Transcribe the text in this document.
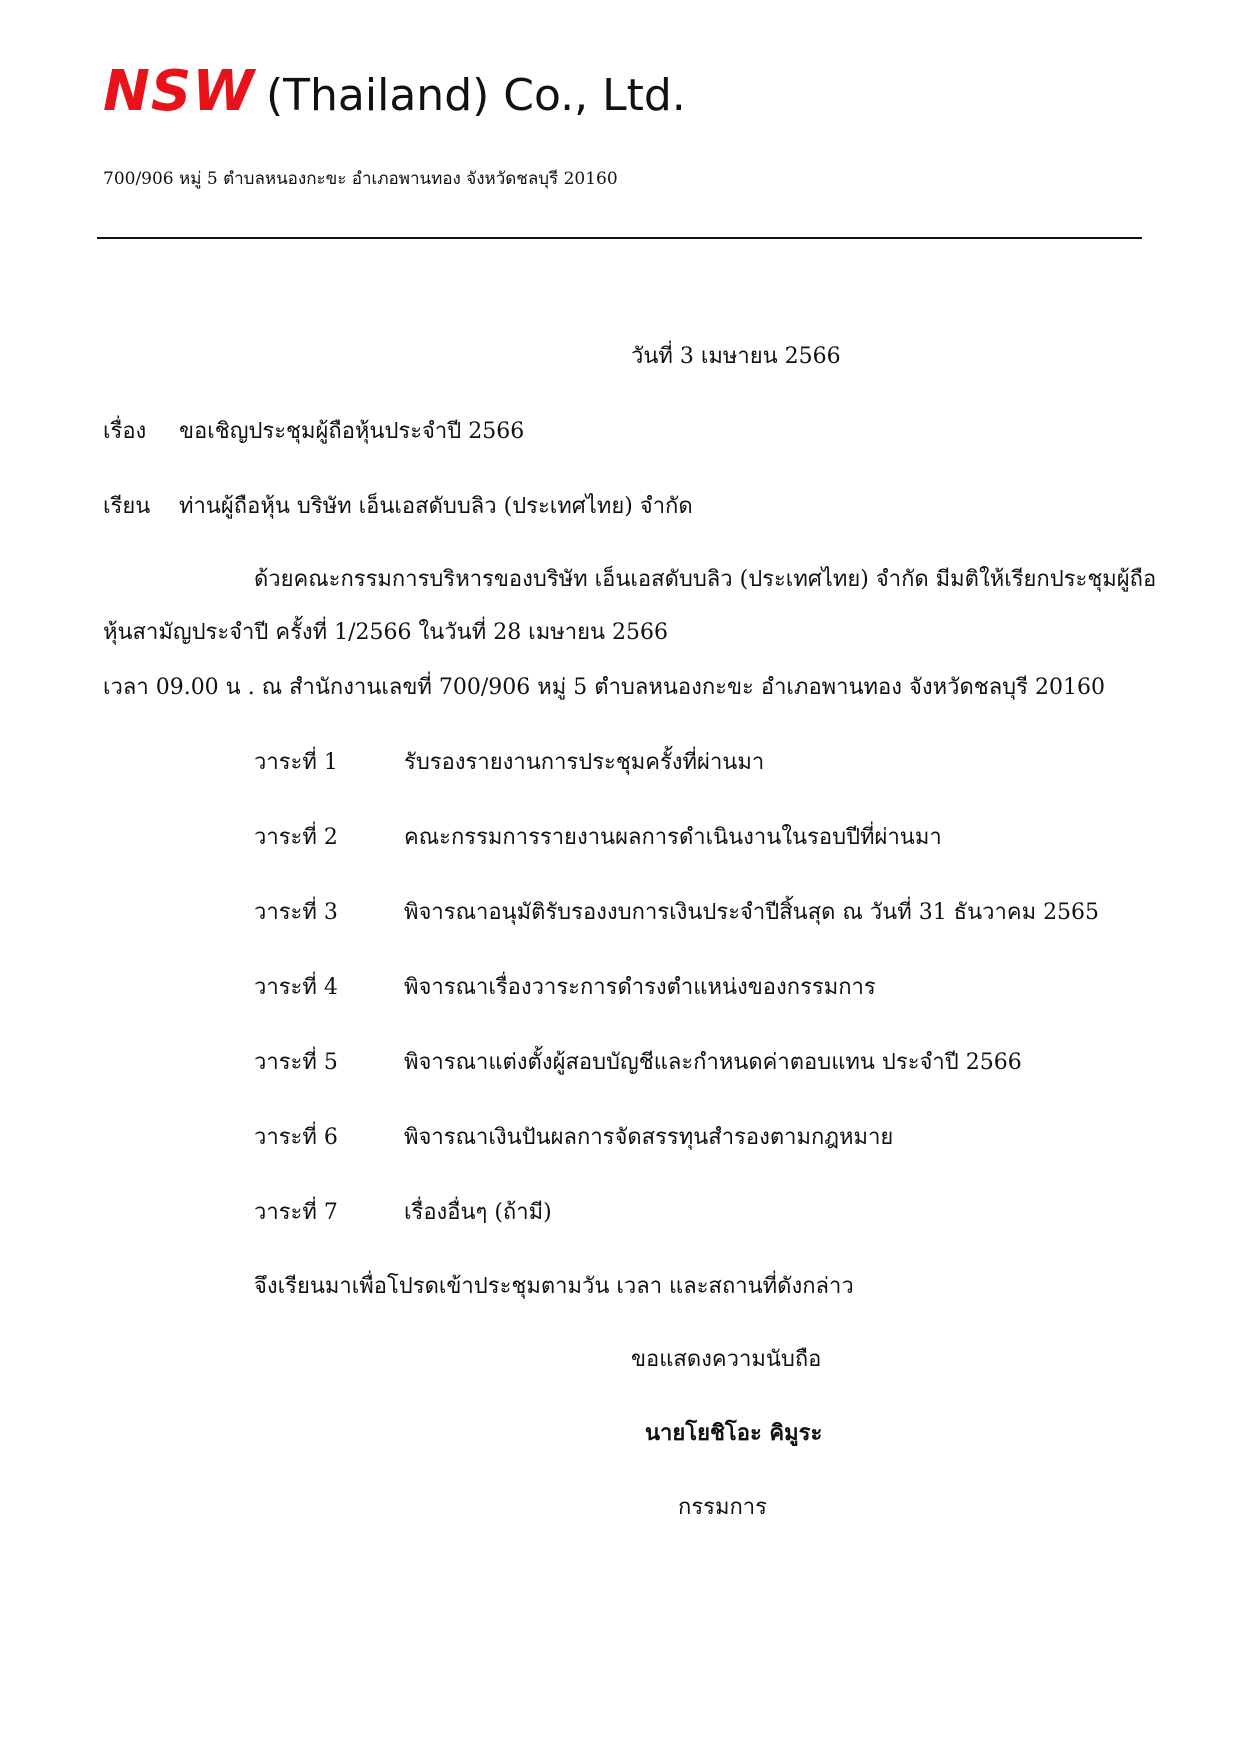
NSW (Thailand) Co., Ltd.
700/906 หมู่ 5 ตำบลหนองกะขะ อำเภอพานทอง จังหวัดชลบุรี 20160
วันที่ 3 เมษายน 2566
เรื่อง ขอเชิญประชุมผู้ถือหุ้นประจำปี 2566
เรียน ท่านผู้ถือหุ้น บริษัท เอ็นเอสดับบลิว (ประเทศไทย) จำกัด
ด้วยคณะกรรมการบริหารของบริษัท เอ็นเอสดับบลิว (ประเทศไทย) จำกัด มีมติให้เรียกประชุมผู้ถือ
หุ้นสามัญประจำปี ครั้งที่ 1/2566 ในวันที่ 28 เมษายน 2566
เวลา 09.00 น . ณ สำนักงานเลขที่ 700/906 หมู่ 5 ตำบลหนองกะขะ อำเภอพานทอง จังหวัดชลบุรี 20160
วาระที่ 1	รับรองรายงานการประชุมครั้งที่ผ่านมา
วาระที่ 2	คณะกรรมการรายงานผลการดำเนินงานในรอบปีที่ผ่านมา
วาระที่ 3	พิจารณาอนุมัติรับรองงบการเงินประจำปีสิ้นสุด ณ วันที่ 31 ธันวาคม 2565
วาระที่ 4	พิจารณาเรื่องวาระการดำรงตำแหน่งของกรรมการ
วาระที่ 5	พิจารณาแต่งตั้งผู้สอบบัญชีและกำหนดค่าตอบแทน ประจำปี 2566
วาระที่ 6	พิจารณาเงินปันผลการจัดสรรทุนสำรองตามกฎหมาย
วาระที่ 7	เรื่องอื่นๆ (ถ้ามี)
จึงเรียนมาเพื่อโปรดเข้าประชุมตามวัน เวลา และสถานที่ดังกล่าว
ขอแสดงความนับถือ
นายโยชิโอะ คิมูระ
กรรมการ
